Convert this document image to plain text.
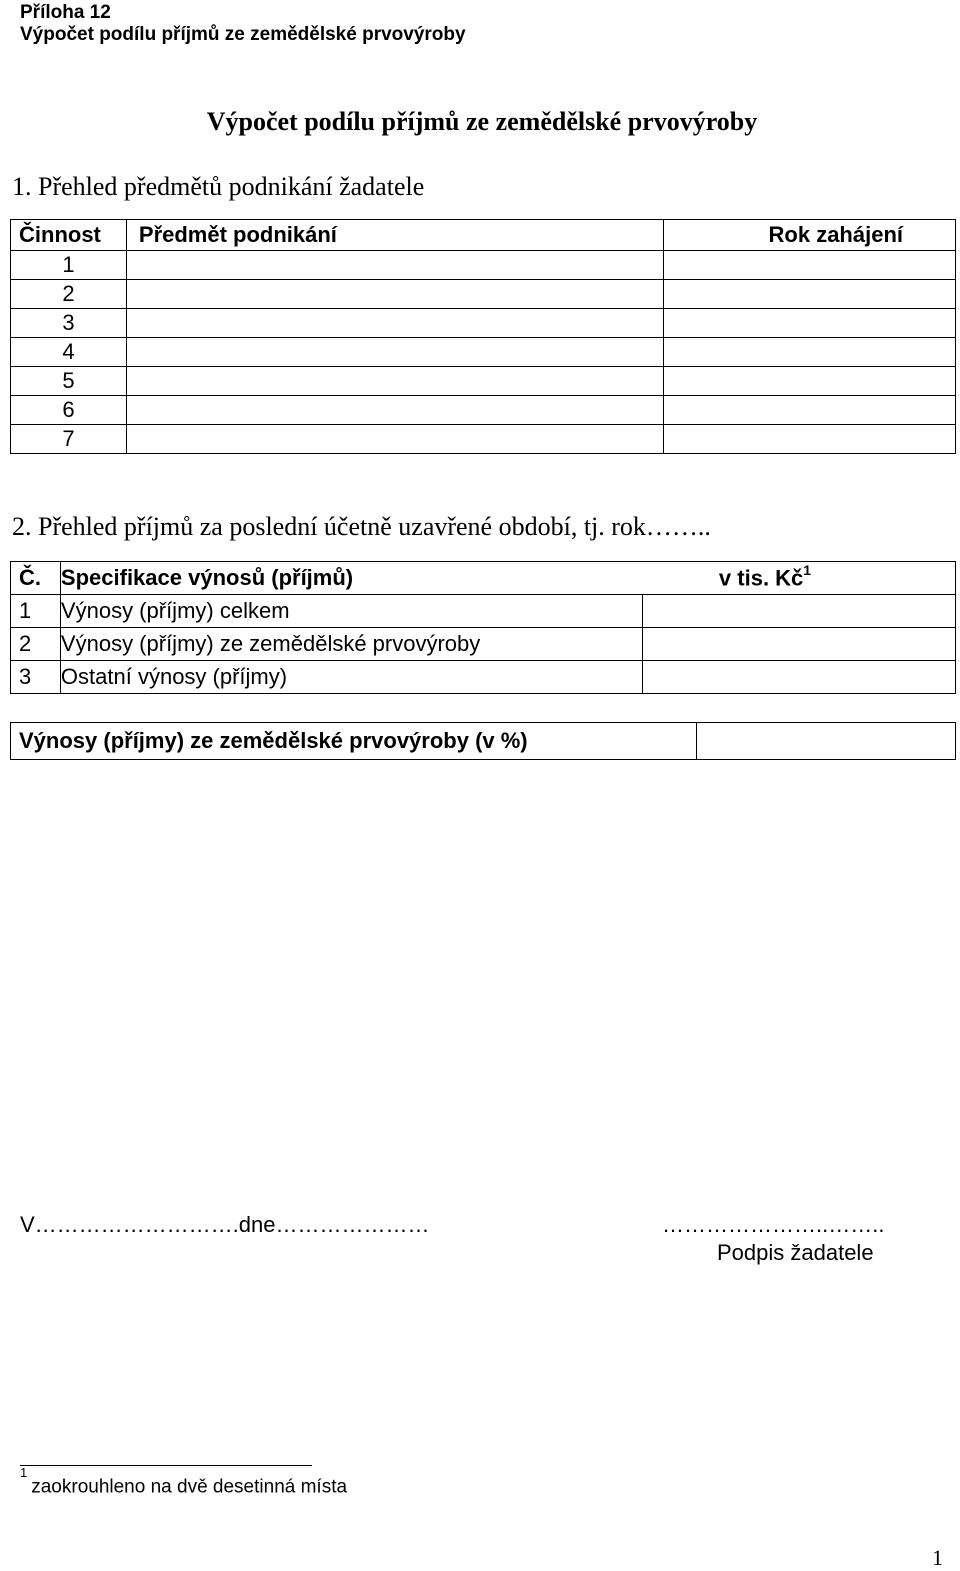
Příloha 12
Výpočet podílu příjmů ze zemědělské prvovýroby
Výpočet podílu příjmů ze zemědělské prvovýroby
1. Přehled předmětů podnikání žadatele
Činnost	Předmět podnikání	Rok zahájení
1		
2		
3		
4		
5		
6		
7		
2. Přehled příjmů za poslední účetně uzavřené období, tj. rok……..
Č.	Specifikace výnosů (příjmů)	v tis. $Kč^1$
1	Výnosy (příjmy) celkem	
2	Výnosy (příjmy) ze zemědělské prvovýroby	
3	Ostatní výnosy (příjmy)	
Výnosy (příjmy) ze zemědělské prvovýroby (v %)	
V……………………….dne…………………	…………………..……..
Podpis žadatele
$^1$zaokrouhleno na dvě desetinná místa
1
